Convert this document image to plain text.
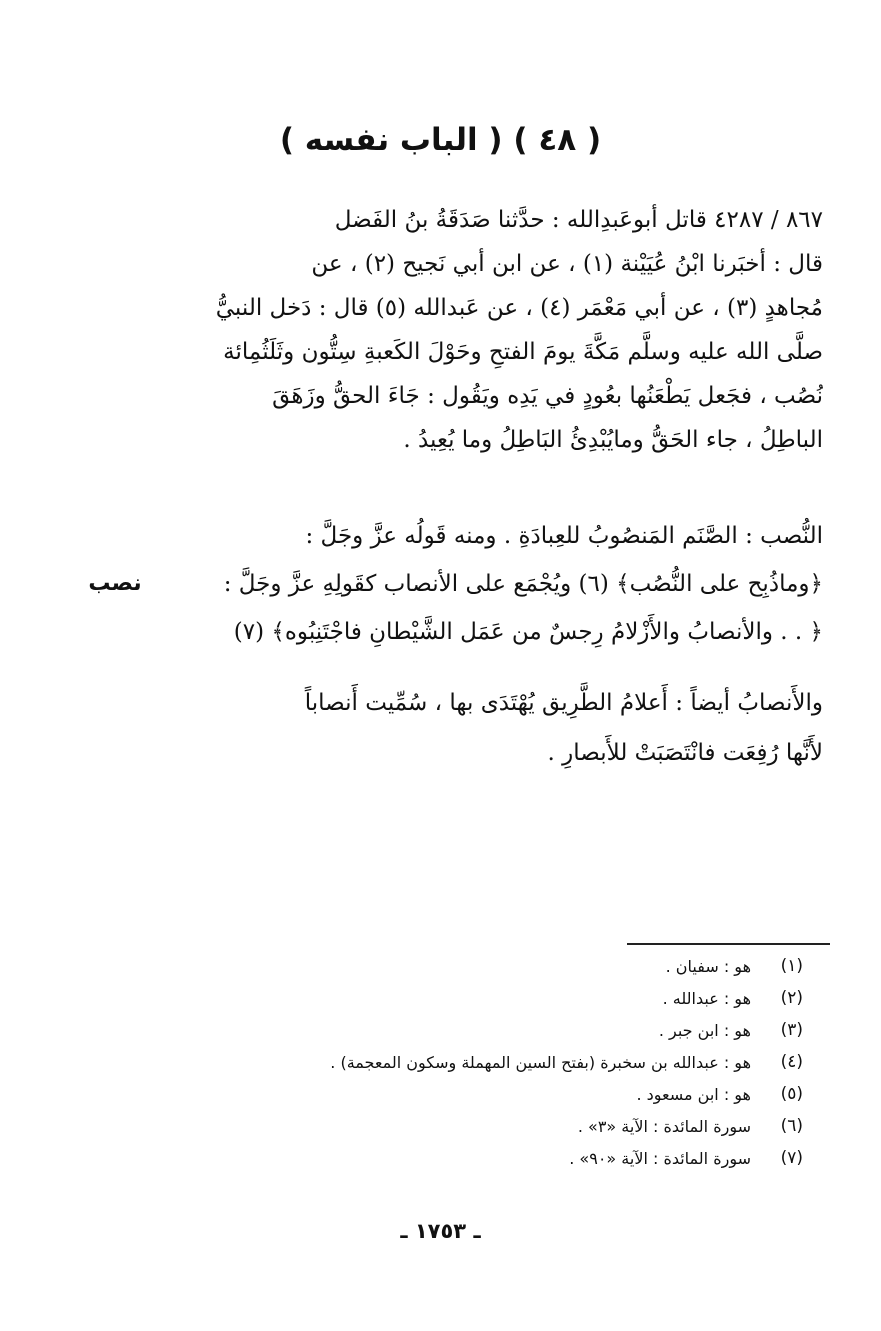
( ٤٨ ) ( الباب نفسه )
٨٦٧ / ٤٢٨٧ قاتل أبوعَبدِالله : حدَّثنا صَدَقَةُ بنُ الفَضل
قال : أخبَرنا ابْنُ عُيَيْنة (١) ، عن ابن أبي نَجيح (٢) ، عن
مُجاهدٍ (٣) ، عن أبي مَعْمَر (٤) ، عن عَبدالله (٥) قال : دَخل النبيُّ
صلَّى الله عليه وسلَّم مَكَّةَ يومَ الفتحِ وحَوْلَ الكَعبةِ سِتُّون وثَلَثُمِائة
نُصُب ، فجَعل يَطْعَنُها بعُودٍ في يَدِه ويَقُول : جَاءَ الحقُّ وزَهَقَ
الباطِلُ ، جاء الحَقُّ ومايُبْدِئُ البَاطِلُ وما يُعِيدُ .
النُّصب : الصَّنَم المَنصُوبُ للعِبادَةِ . ومنه قَولُه عزَّ وجَلَّ :
﴿وماذُبِح على النُّصُب﴾ (٦) ويُجْمَع على الأنصاب كقَولِهِ عزَّ وجَلَّ :
﴿ . . والأنصابُ والأَزْلامُ رِجسٌ من عَمَل الشَّيْطانِ فاجْتَنِبُوه﴾ (٧)
نصب
والأَنصابُ أيضاً : أَعلامُ الطَّرِيق يُهْتَدَى بها ، سُمِّيت أَنصاباً
لأَنَّها رُفِعَت فانْتَصَبَتْ للأَبصارِ .
(١)
هو : سفيان .
(٢)
هو : عبدالله .
(٣)
هو : ابن جبر .
(٤)
هو : عبدالله بن سخبرة (بفتح السين المهملة وسكون المعجمة) .
(٥)
هو : ابن مسعود .
(٦)
سورة المائدة : الآية «٣» .
(٧)
سورة المائدة : الآية «٩٠» .
ـ ١٧٥٣ ـ
